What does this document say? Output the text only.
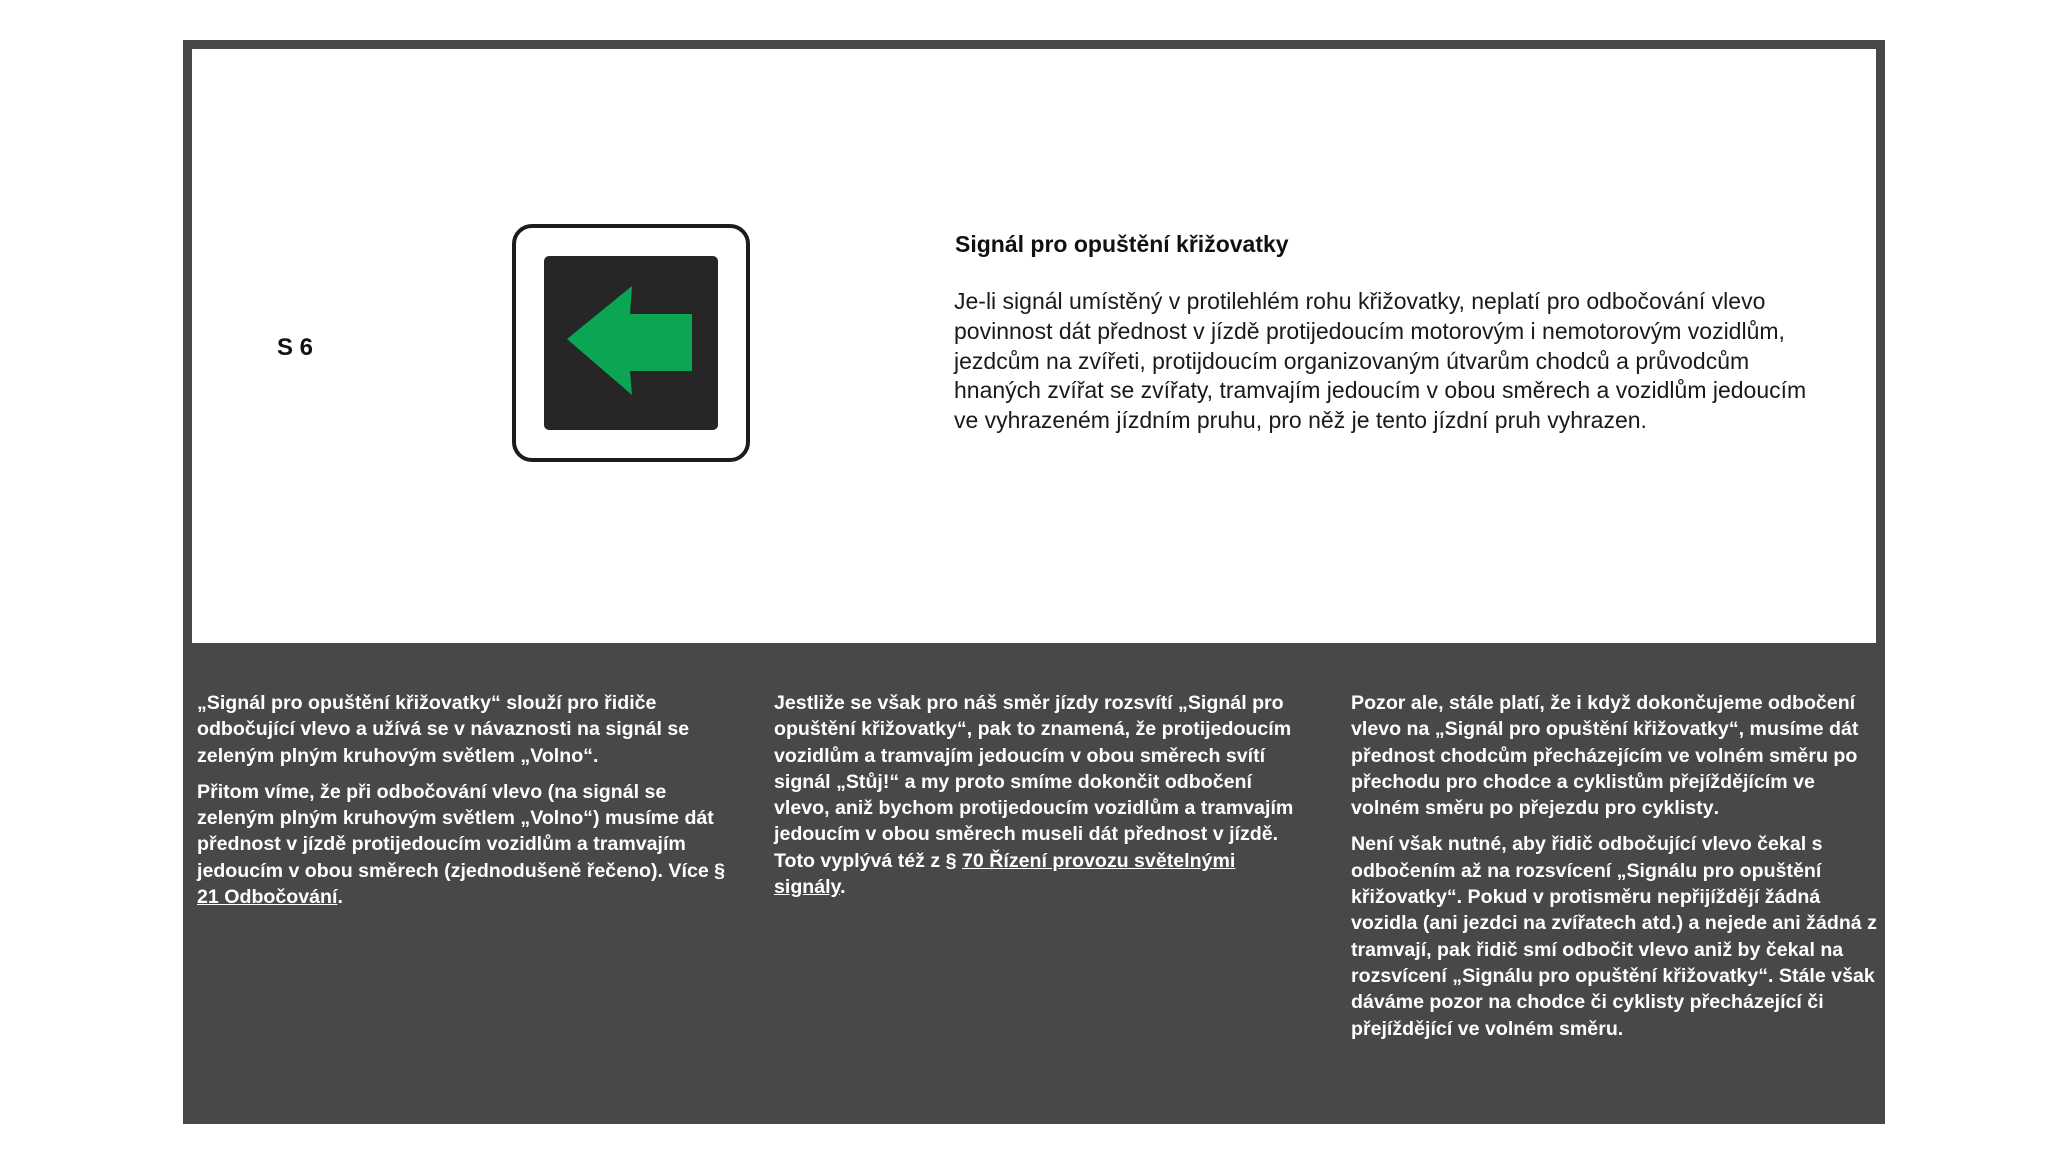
S 6
Signál pro opuštění křižovatky
Je-li signál umístěný v protilehlém rohu křižovatky, neplatí pro odbočování vlevo povinnost dát přednost v jízdě protijedoucím motorovým i nemotorovým vozidlům, jezdcům na zvířeti, protijdoucím organizovaným útvarům chodců a průvodcům hnaných zvířat se zvířaty, tramvajím jedoucím v obou směrech a vozidlům jedoucím ve vyhrazeném jízdním pruhu, pro něž je tento jízdní pruh vyhrazen.

„Signál pro opuštění křižovatky“ slouží pro řidiče odbočující vlevo a užívá se v návaznosti na signál se zeleným plným kruhovým světlem „Volno“.

Přitom víme, že při odbočování vlevo (na signál se zeleným plným kruhovým světlem „Volno“) musíme dát přednost v jízdě protijedoucím vozidlům a tramvajím jedoucím v obou směrech (zjednodušeně řečeno). Více § 21 Odbočování.

Jestliže se však pro náš směr jízdy rozsvítí „Signál pro opuštění křižovatky“, pak to znamená, že protijedoucím vozidlům a tramvajím jedoucím v obou směrech svítí signál „Stůj!“ a my proto smíme dokončit odbočení vlevo, aniž bychom protijedoucím vozidlům a tramvajím jedoucím v obou směrech museli dát přednost v jízdě. Toto vyplývá též z § 70 Řízení provozu světelnými signály.

Pozor ale, stále platí, že i když dokončujeme odbočení vlevo na „Signál pro opuštění křižovatky“, musíme dát přednost chodcům přecházejícím ve volném směru po přechodu pro chodce a cyklistům přejíždějícím ve volném směru po přejezdu pro cyklisty.

Není však nutné, aby řidič odbočující vlevo čekal s odbočením až na rozsvícení „Signálu pro opuštění křižovatky“. Pokud v protisměru nepřijíždějí žádná vozidla (ani jezdci na zvířatech atd.) a nejede ani žádná z tramvají, pak řidič smí odbočit vlevo aniž by čekal na rozsvícení „Signálu pro opuštění křižovatky“. Stále však dáváme pozor na chodce či cyklisty přecházející či přejíždějící ve volném směru.
